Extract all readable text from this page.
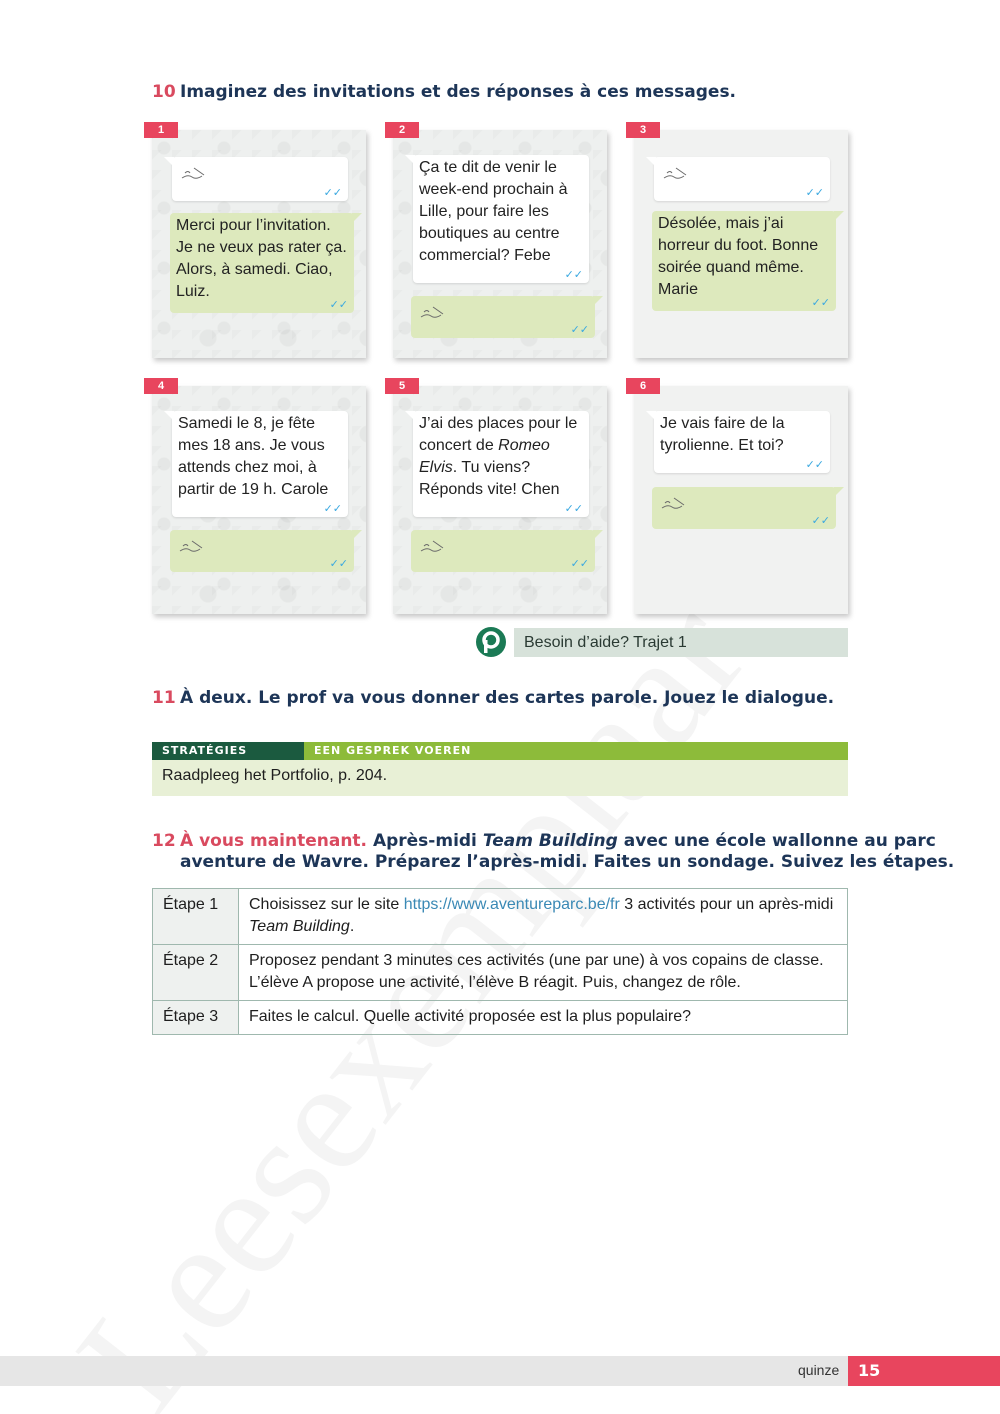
10 Imaginez des invitations et des réponses à ces messages.
1
✓✓
Merci pour l’invitation. Je ne veux pas rater ça. Alors, à samedi. Ciao, Luiz.
✓✓
2
Ça te dit de venir le week-end prochain à Lille, pour faire les boutiques au centre commercial? Febe
✓✓
✓✓
3
✓✓
Désolée, mais j’ai horreur du foot. Bonne soirée quand même. Marie
✓✓
4
Samedi le 8, je fête mes 18 ans. Je vous attends chez moi, à partir de 19 h. Carole
✓✓
✓✓
5
J’ai des places pour le concert de Romeo Elvis. Tu viens? Réponds vite! Chen
✓✓
✓✓
6
Je vais faire de la tyrolienne. Et toi?
✓✓
✓✓
Besoin d’aide? Trajet 1
11 À deux. Le prof va vous donner des cartes parole. Jouez le dialogue.
STRATÉGIES	EEN GESPREK VOEREN
Raadpleeg het Portfolio, p. 204.
12 À vous maintenant. Après-midi Team Building avec une école wallonne au parc
aventure de Wavre. Préparez l’après-midi. Faites un sondage. Suivez les étapes.
Étape 1	Choisissez sur le site https://www.aventureparc.be/fr 3 activités pour un après-midi Team Building.
Étape 2	Proposez pendant 3 minutes ces activités (une par une) à vos copains de classe. L’élève A propose une activité, l’élève B réagit. Puis, changez de rôle.
Étape 3	Faites le calcul. Quelle activité proposée est la plus populaire?
quinze	15
